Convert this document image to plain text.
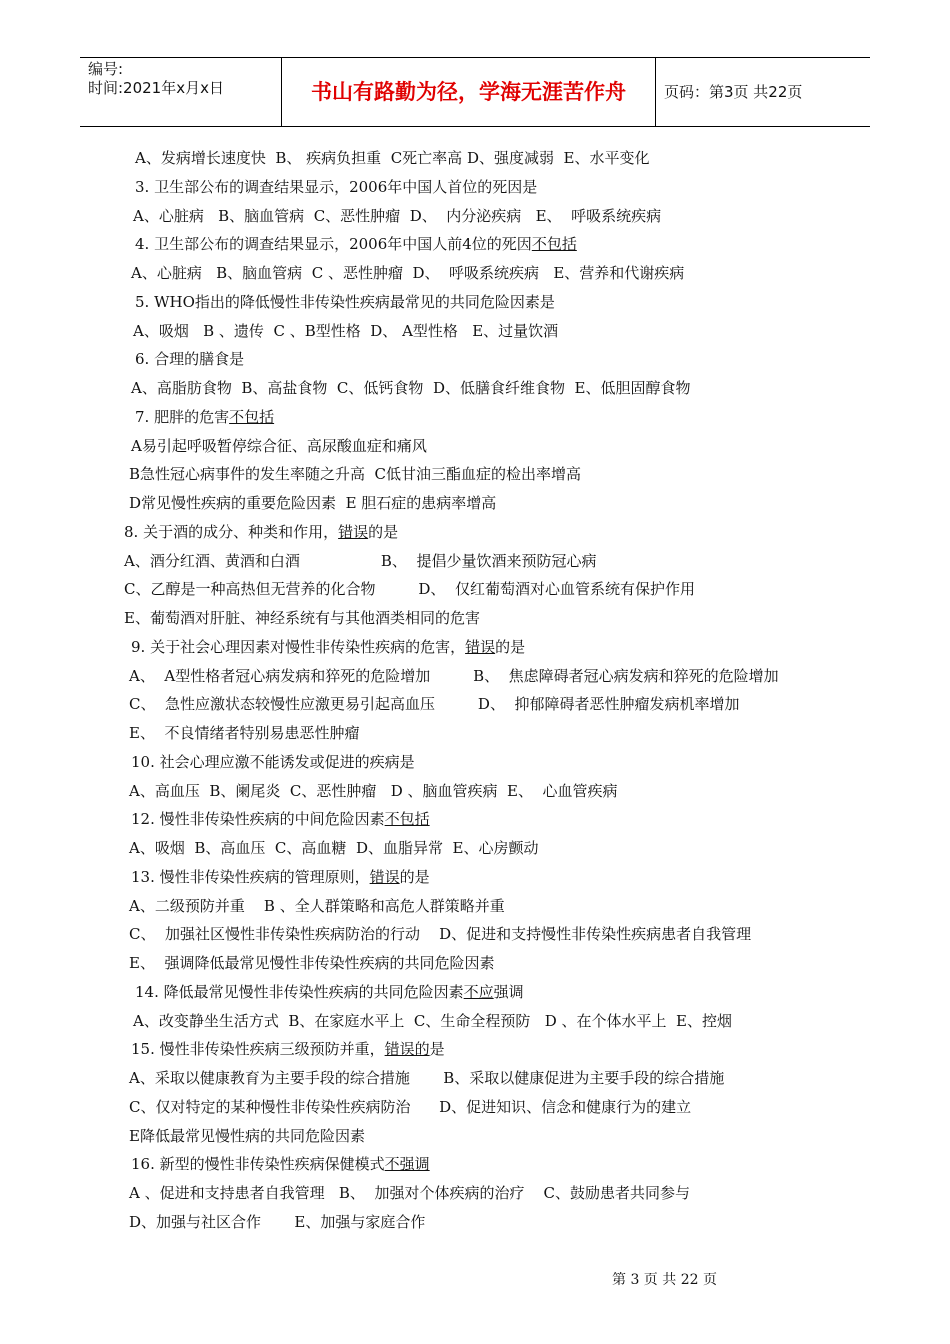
编号:
时间:2021年x月x日	书山有路勤为径，学海无涯苦作舟	页码：第3页 共22页
A、发病增长速度快  B、 疾病负担重  C死亡率高 D、强度减弱  E、水平变化
3. 卫生部公布的调查结果显示，2006年中国人首位的死因是
A、心脏病   B、脑血管病  C、恶性肿瘤  D、  内分泌疾病   E、  呼吸系统疾病
4. 卫生部公布的调查结果显示，2006年中国人前4位的死因不包括
A、心脏病   B、脑血管病  C 、恶性肿瘤  D、  呼吸系统疾病   E、营养和代谢疾病
5. WHO指出的降低慢性非传染性疾病最常见的共同危险因素是
A、吸烟   B 、遗传  C 、B型性格  D、 A型性格   E、过量饮酒
6. 合理的膳食是
A、高脂肪食物  B、高盐食物  C、低钙食物  D、低膳食纤维食物  E、低胆固醇食物
7. 肥胖的危害不包括
A易引起呼吸暂停综合征、高尿酸血症和痛风
B急性冠心病事件的发生率随之升高  C低甘油三酯血症的检出率增高
D常见慢性疾病的重要危险因素  E 胆石症的患病率增高
8. 关于酒的成分、种类和作用，错误的是
A、酒分红酒、黄酒和白酒                 B、  提倡少量饮酒来预防冠心病
C、乙醇是一种高热但无营养的化合物         D、  仅红葡萄酒对心血管系统有保护作用
E、葡萄酒对肝脏、神经系统有与其他酒类相同的危害
9. 关于社会心理因素对慢性非传染性疾病的危害，错误的是
A、  A型性格者冠心病发病和猝死的危险增加         B、  焦虑障碍者冠心病发病和猝死的危险增加
C、  急性应激状态较慢性应激更易引起高血压         D、  抑郁障碍者恶性肿瘤发病机率增加
E、  不良情绪者特别易患恶性肿瘤
10. 社会心理应激不能诱发或促进的疾病是
A、高血压  B、阑尾炎  C、恶性肿瘤   D 、脑血管疾病  E、  心血管疾病
12. 慢性非传染性疾病的中间危险因素不包括
A、吸烟  B、高血压  C、高血糖  D、血脂异常  E、心房颤动
13. 慢性非传染性疾病的管理原则，错误的是
A、二级预防并重    B 、全人群策略和高危人群策略并重
C、  加强社区慢性非传染性疾病防治的行动    D、促进和支持慢性非传染性疾病患者自我管理
E、  强调降低最常见慢性非传染性疾病的共同危险因素
14. 降低最常见慢性非传染性疾病的共同危险因素不应强调
A、改变静坐生活方式  B、在家庭水平上  C、生命全程预防   D 、在个体水平上  E、控烟
15. 慢性非传染性疾病三级预防并重，错误的是
A、采取以健康教育为主要手段的综合措施       B、采取以健康促进为主要手段的综合措施
C、仅对特定的某种慢性非传染性疾病防治      D、促进知识、信念和健康行为的建立
E降低最常见慢性病的共同危险因素
16. 新型的慢性非传染性疾病保健模式不强调
A 、促进和支持患者自我管理   B、  加强对个体疾病的治疗    C、鼓励患者共同参与
D、加强与社区合作       E、加强与家庭合作
第 3 页 共 22 页
